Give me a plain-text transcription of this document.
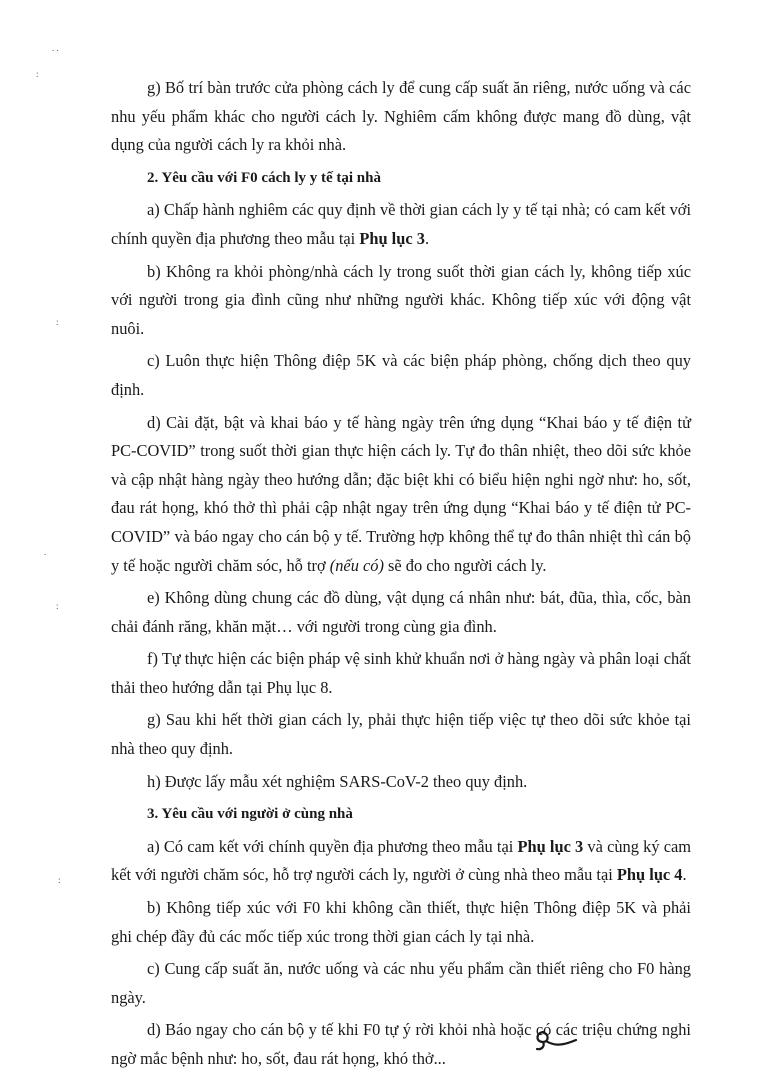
. .
:
:
.
:
:

g) Bố trí bàn trước cửa phòng cách ly để cung cấp suất ăn riêng, nước uống và các nhu yếu phẩm khác cho người cách ly. Nghiêm cấm không được mang đồ dùng, vật dụng của người cách ly ra khỏi nhà.

2. Yêu cầu với F0 cách ly y tế tại nhà

a) Chấp hành nghiêm các quy định về thời gian cách ly y tế tại nhà; có cam kết với chính quyền địa phương theo mẫu tại Phụ lục 3.

b) Không ra khỏi phòng/nhà cách ly trong suốt thời gian cách ly, không tiếp xúc với người trong gia đình cũng như những người khác. Không tiếp xúc với động vật nuôi.

c) Luôn thực hiện Thông điệp 5K và các biện pháp phòng, chống dịch theo quy định.

d) Cài đặt, bật và khai báo y tế hàng ngày trên ứng dụng “Khai báo y tế điện tử PC-COVID” trong suốt thời gian thực hiện cách ly. Tự đo thân nhiệt, theo dõi sức khỏe và cập nhật hàng ngày theo hướng dẫn; đặc biệt khi có biểu hiện nghi ngờ như: ho, sốt, đau rát họng, khó thở thì phải cập nhật ngay trên ứng dụng “Khai báo y tế điện tử PC-COVID” và báo ngay cho cán bộ y tế. Trường hợp không thể tự đo thân nhiệt thì cán bộ y tế hoặc người chăm sóc, hỗ trợ (nếu có) sẽ đo cho người cách ly.

e) Không dùng chung các đồ dùng, vật dụng cá nhân như: bát, đũa, thìa, cốc, bàn chải đánh răng, khăn mặt… với người trong cùng gia đình.

f) Tự thực hiện các biện pháp vệ sinh khử khuẩn nơi ở hàng ngày và phân loại chất thải theo hướng dẫn tại Phụ lục 8.

g) Sau khi hết thời gian cách ly, phải thực hiện tiếp việc tự theo dõi sức khỏe tại nhà theo quy định.

h) Được lấy mẫu xét nghiệm SARS-CoV-2 theo quy định.

3. Yêu cầu với người ở cùng nhà

a) Có cam kết với chính quyền địa phương theo mẫu tại Phụ lục 3 và cùng ký cam kết với người chăm sóc, hỗ trợ người cách ly, người ở cùng nhà theo mẫu tại Phụ lục 4.

b) Không tiếp xúc với F0 khi không cần thiết, thực hiện Thông điệp 5K và phải ghi chép đầy đủ các mốc tiếp xúc trong thời gian cách ly tại nhà.

c) Cung cấp suất ăn, nước uống và các nhu yếu phẩm cần thiết riêng cho F0 hàng ngày.

d) Báo ngay cho cán bộ y tế khi F0 tự ý rời khỏi nhà hoặc có các triệu chứng nghi ngờ mắc bệnh như: ho, sốt, đau rát họng, khó thở...
